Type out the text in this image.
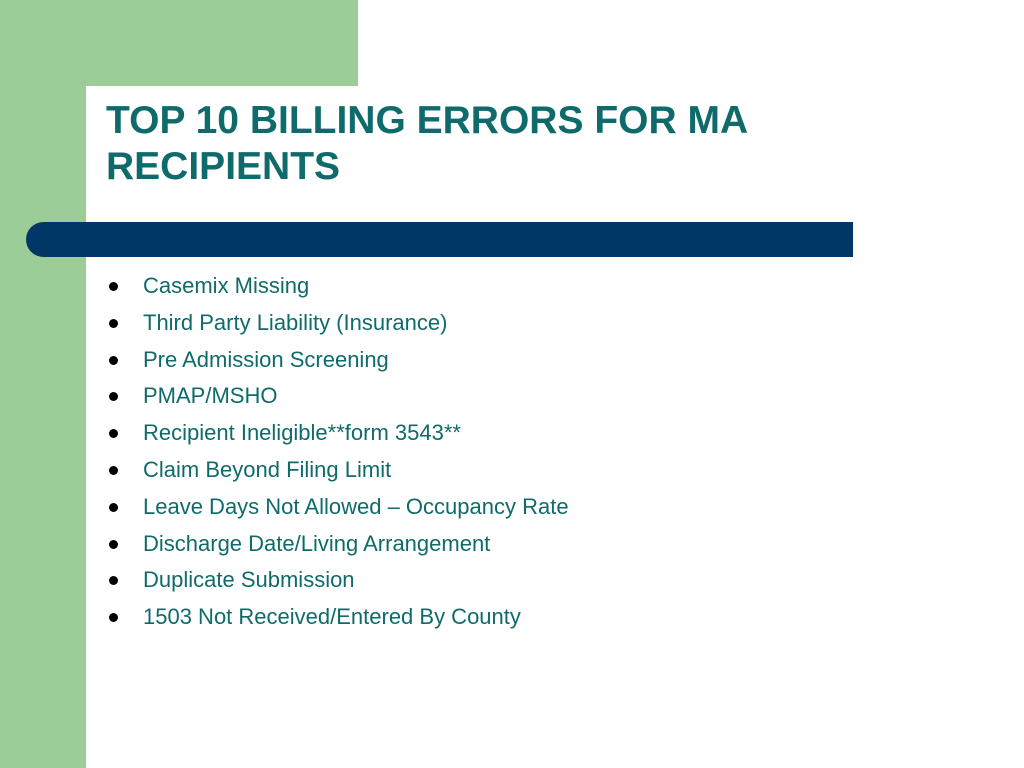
TOP 10 BILLING ERRORS FOR MA RECIPIENTS
Casemix Missing
Third Party Liability (Insurance)
Pre Admission Screening
PMAP/MSHO
Recipient Ineligible**form 3543**
Claim Beyond Filing Limit
Leave Days Not Allowed – Occupancy Rate
Discharge Date/Living Arrangement
Duplicate Submission
1503 Not Received/Entered By County
